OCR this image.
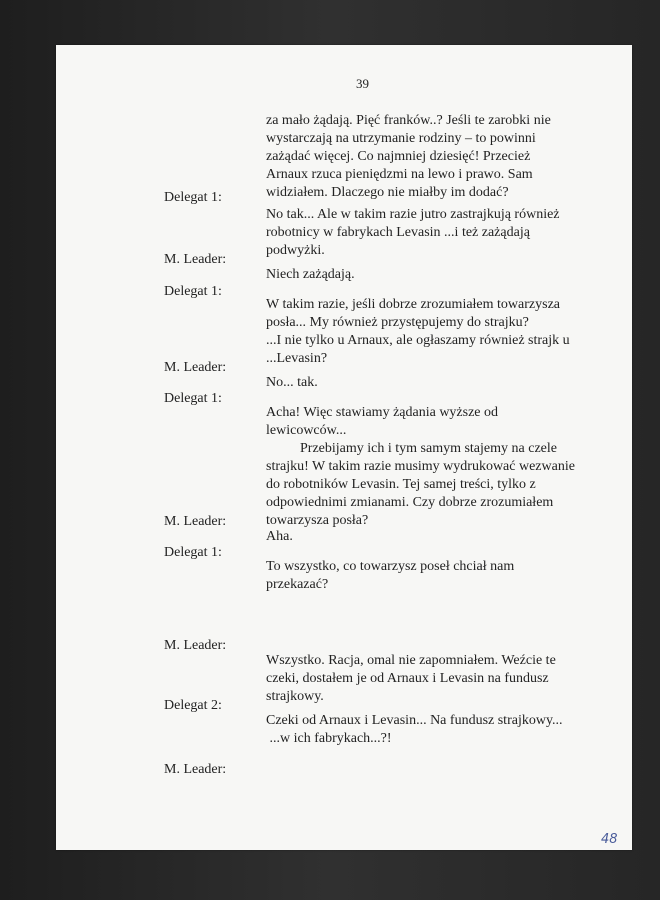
39
Delegat 1:
M. Leader:
Delegat 1:
M. Leader:
Delegat 1:
M. Leader:
Delegat 1:
M. Leader:
Delegat 2:
M. Leader:
za mało żądają. Pięć franków..? Jeśli te zarobki nie
wystarczają na utrzymanie rodziny – to powinni
zażądać więcej. Co najmniej dziesięć! Przecież
Arnaux rzuca pieniędzmi na lewo i prawo. Sam
widziałem. Dlaczego nie miałby im dodać?
No tak... Ale w takim razie jutro zastrajkują również
robotnicy w fabrykach Levasin ...i też zażądają
podwyżki.
Niech zażądają.
W takim razie, jeśli dobrze zrozumiałem towarzysza
posła... My również przystępujemy do strajku?
...I nie tylko u Arnaux, ale ogłaszamy również strajk u
...Levasin?
No... tak.
Acha! Więc stawiamy żądania wyższe od
lewicowców...
Przebijamy ich i tym samym stajemy na czele
strajku! W takim razie musimy wydrukować wezwanie
do robotników Levasin. Tej samej treści, tylko z
odpowiednimi zmianami. Czy dobrze zrozumiałem
towarzysza posła?
Aha.
To wszystko, co towarzysz poseł chciał nam
przekazać?
Wszystko. Racja, omal nie zapomniałem. Weźcie te
czeki, dostałem je od Arnaux i Levasin na fundusz
strajkowy.
Czeki od Arnaux i Levasin... Na fundusz strajkowy...
...w ich fabrykach...?!
48
